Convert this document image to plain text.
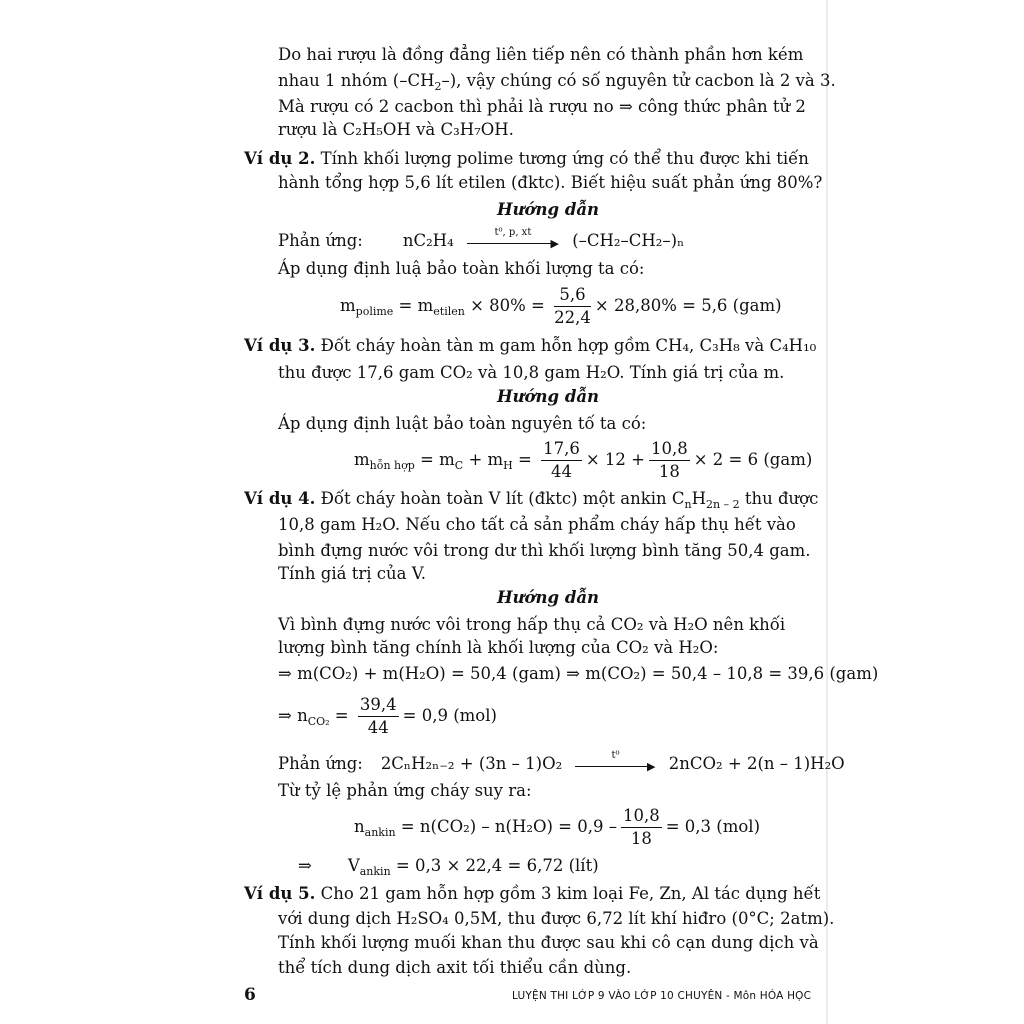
Do hai rượu là đồng đẳng liên tiếp nên có thành phần hơn kém
nhau 1 nhóm $(-CH_2-)$, vậy chúng có số nguyên tử cacbon là 2 và 3.
Mà rượu có 2 cacbon thì phải là rượu no ⇒ công thức phân tử 2
rượu là C₂H₅OH và C₃H₇OH.
Ví dụ 2. Tính khối lượng polime tương ứng có thể thu được khi tiến
hành tổng hợp 5,6 lít etilen (đktc). Biết hiệu suất phản ứng 80%?
Hướng dẫn
Phản ứng: nC₂H₄	t⁰, p, xt
▶ (–CH₂–CH₂–)ₙ
Áp dụng định luậ bảo toàn khối lượng ta có:
$m_{polime} = m_{etilen} \times 80\% = \frac{5,6}{22,4} \times 28,80\% = 5,6$ (gam)
Ví dụ 3. Đốt cháy hoàn tàn m gam hỗn hợp gồm CH₄, C₃H₈ và C₄H₁₀
thu được 17,6 gam CO₂ và 10,8 gam H₂O. Tính giá trị của m.
Hướng dẫn
Áp dụng định luật bảo toàn nguyên tố ta có:
$m_{hỗn hợp} = m_C + m_H = \frac{17,6}{44} \times 12 + \frac{10,8}{18} \times 2 = 6$ (gam)
Ví dụ 4. Đốt cháy hoàn toàn V lít (đktc) một ankin $C_nH_{2n - 2}$ thu được
10,8 gam H₂O. Nếu cho tất cả sản phẩm cháy hấp thụ hết vào
bình đựng nước vôi trong dư thì khối lượng bình tăng 50,4 gam.
Tính giá trị của V.
Hướng dẫn
Vì bình đựng nước vôi trong hấp thụ cả CO₂ và H₂O nên khối
lượng bình tăng chính là khối lượng của CO₂ và H₂O:
⇒ m(CO₂) + m(H₂O) = 50,4 (gam) ⇒ m(CO₂) = 50,4 – 10,8 = 39,6 (gam)
⇒ $n_{CO_2} = \frac{39,4}{44} = 0,9$ (mol)
Phản ứng: 2CₙH₂ₙ₋₂ + (3n – 1)O₂	t⁰
▶ 2nCO₂ + 2(n – 1)H₂O
Từ tỷ lệ phản ứng cháy suy ra:
$n_{ankin} = n(CO_2) - n(H_2O) = 0,9 - \frac{10,8}{18} = 0,3$ (mol)
⇒ $V_{ankin} = 0,3 \times 22,4 = 6,72$ (lít)
Ví dụ 5. Cho 21 gam hỗn hợp gồm 3 kim loại Fe, Zn, Al tác dụng hết
với dung dịch H₂SO₄ 0,5M, thu được 6,72 lít khí hiđro (0°C; 2atm).
Tính khối lượng muối khan thu được sau khi cô cạn dung dịch và
thể tích dung dịch axit tối thiểu cần dùng.
6	LUYỆN THI LỚP 9 VÀO LỚP 10 CHUYÊN - Môn HÓA HỌC
